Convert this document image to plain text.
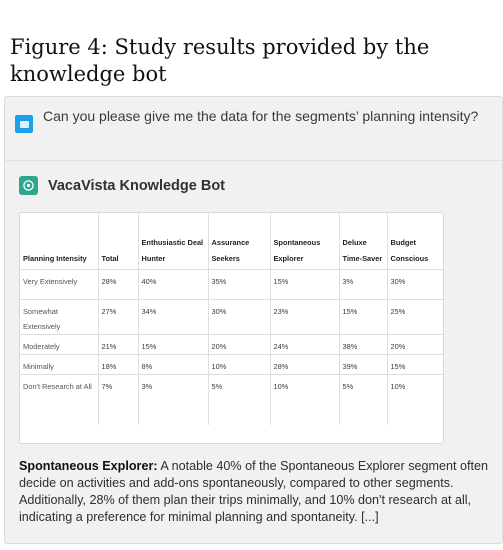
Figure 4: Study results provided by the knowledge bot
Can you please give me the data for the segments’ planning intensity?
VacaVista Knowledge Bot
Planning Intensity	Total	Enthusiastic Deal Hunter	Assurance Seekers	Spontaneous Explorer	Deluxe Time-Saver	Budget Conscious
Very Extensively	28%	40%	35%	15%	3%	30%
Somewhat Extensively	27%	34%	30%	23%	15%	25%
Moderately	21%	15%	20%	24%	38%	20%
Minimally	18%	8%	10%	28%	39%	15%
Don't Research at All	7%	3%	5%	10%	5%	10%
Spontaneous Explorer: A notable 40% of the Spontaneous Explorer segment often decide on activities and add-ons spontaneously, compared to other segments. Additionally, 28% of them plan their trips minimally, and 10% don't research at all, indicating a preference for minimal planning and spontaneity. [...]
